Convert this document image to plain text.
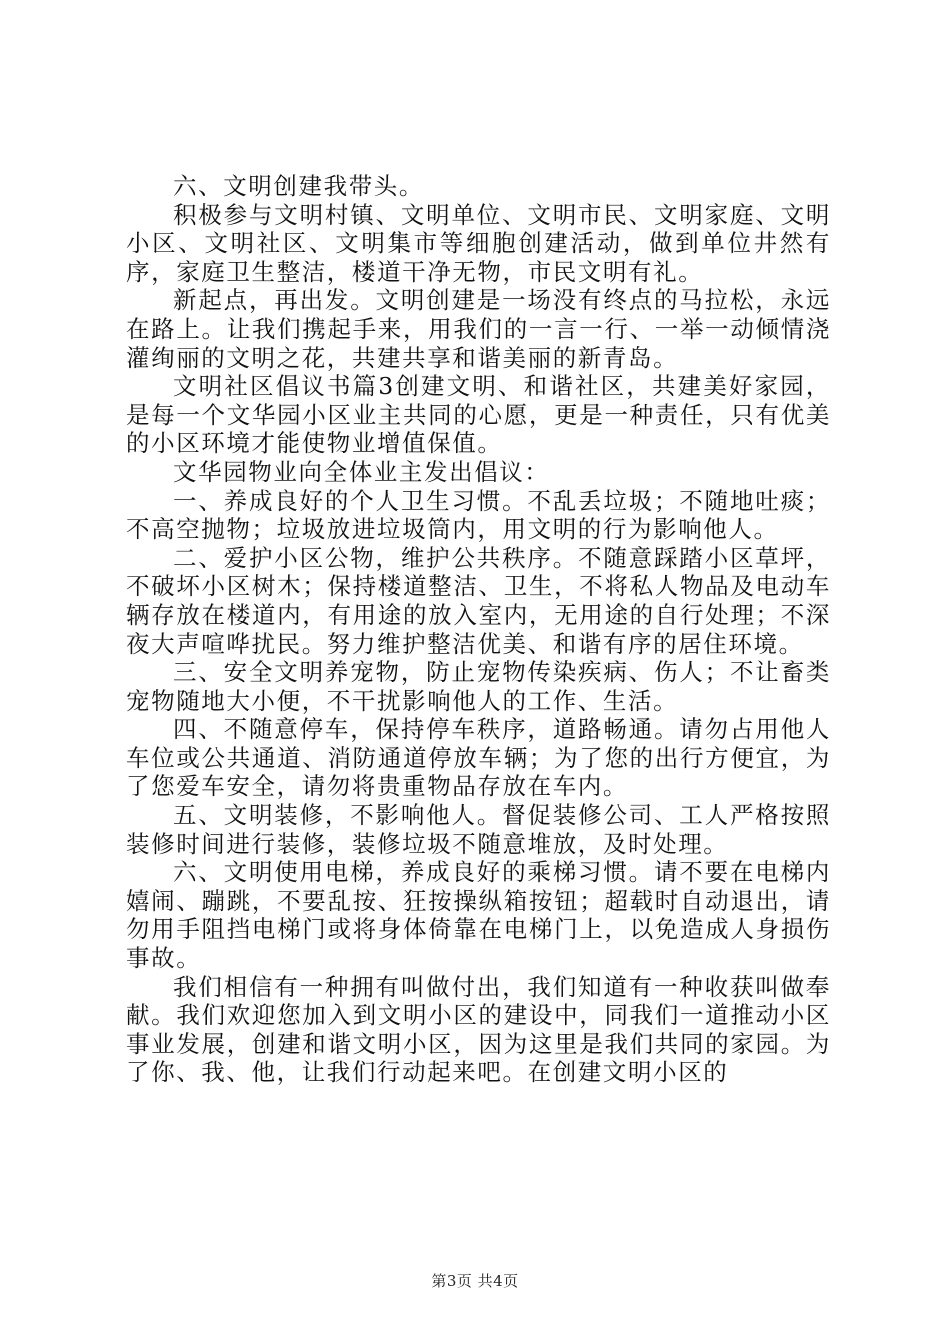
六、文明创建我带头。

积极参与文明村镇、文明单位、文明市民、文明家庭、文明小区、文明社区、文明集市等细胞创建活动，做到单位井然有序，家庭卫生整洁，楼道干净无物，市民文明有礼。

新起点，再出发。文明创建是一场没有终点的马拉松，永远在路上。让我们携起手来，用我们的一言一行、一举一动倾情浇灌绚丽的文明之花，共建共享和谐美丽的新青岛。

文明社区倡议书篇3创建文明、和谐社区，共建美好家园，是每一个文华园小区业主共同的心愿，更是一种责任，只有优美的小区环境才能使物业增值保值。

文华园物业向全体业主发出倡议：

一、养成良好的个人卫生习惯。不乱丢垃圾；不随地吐痰；不高空抛物；垃圾放进垃圾筒内，用文明的行为影响他人。

二、爱护小区公物，维护公共秩序。不随意踩踏小区草坪，不破坏小区树木；保持楼道整洁、卫生，不将私人物品及电动车辆存放在楼道内，有用途的放入室内，无用途的自行处理；不深夜大声喧哗扰民。努力维护整洁优美、和谐有序的居住环境。

三、安全文明养宠物，防止宠物传染疾病、伤人；不让畜类宠物随地大小便，不干扰影响他人的工作、生活。

四、不随意停车，保持停车秩序，道路畅通。请勿占用他人车位或公共通道、消防通道停放车辆；为了您的出行方便宜，为了您爱车安全，请勿将贵重物品存放在车内。

五、文明装修，不影响他人。督促装修公司、工人严格按照装修时间进行装修，装修垃圾不随意堆放，及时处理。

六、文明使用电梯，养成良好的乘梯习惯。请不要在电梯内嬉闹、蹦跳，不要乱按、狂按操纵箱按钮；超载时自动退出，请勿用手阻挡电梯门或将身体倚靠在电梯门上，以免造成人身损伤事故。

我们相信有一种拥有叫做付出，我们知道有一种收获叫做奉献。我们欢迎您加入到文明小区的建设中，同我们一道推动小区事业发展，创建和谐文明小区，因为这里是我们共同的家园。为了你、我、他，让我们行动起来吧。在创建文明小区的

第3页 共4页
